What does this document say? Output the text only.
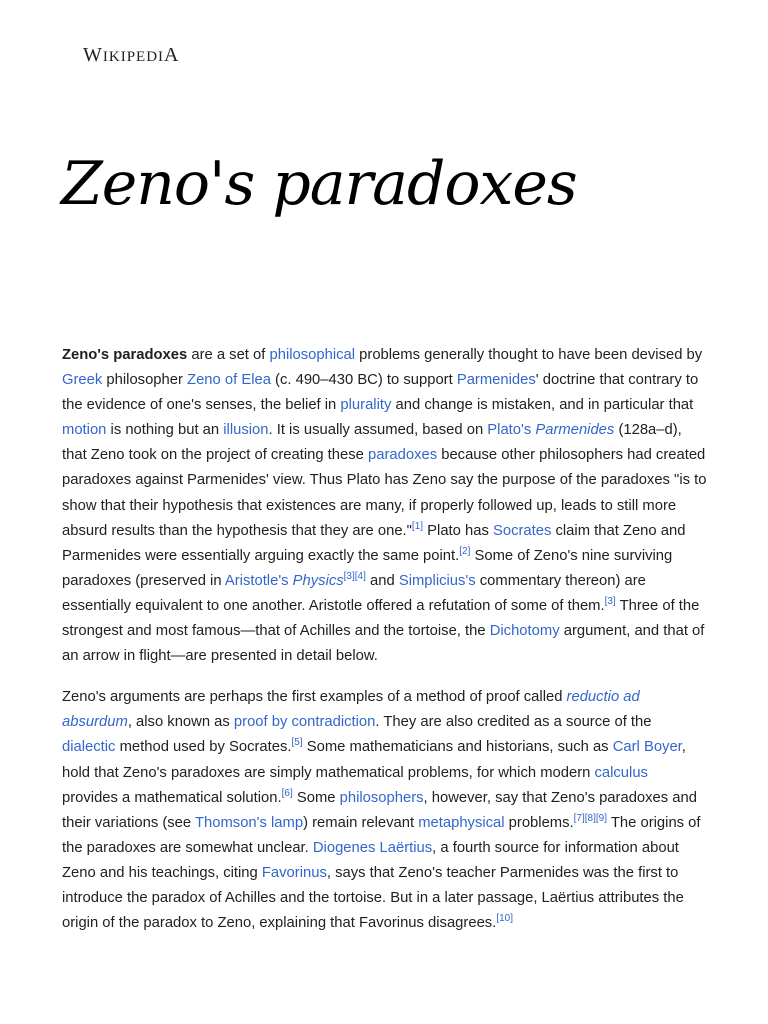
WIKIPEDIA
Zeno's paradoxes

Zeno's paradoxes are a set of philosophical problems generally thought to have been devised by Greek philosopher Zeno of Elea (c. 490–430 BC) to support Parmenides' doctrine that contrary to the evidence of one's senses, the belief in plurality and change is mistaken, and in particular that motion is nothing but an illusion. It is usually assumed, based on Plato's Parmenides (128a–d), that Zeno took on the project of creating these paradoxes because other philosophers had created paradoxes against Parmenides' view. Thus Plato has Zeno say the purpose of the paradoxes "is to show that their hypothesis that existences are many, if properly followed up, leads to still more absurd results than the hypothesis that they are one."[1] Plato has Socrates claim that Zeno and Parmenides were essentially arguing exactly the same point.[2] Some of Zeno's nine surviving paradoxes (preserved in Aristotle's Physics[3][4] and Simplicius's commentary thereon) are essentially equivalent to one another. Aristotle offered a refutation of some of them.[3] Three of the strongest and most famous—that of Achilles and the tortoise, the Dichotomy argument, and that of an arrow in flight—are presented in detail below.

Zeno's arguments are perhaps the first examples of a method of proof called reductio ad absurdum, also known as proof by contradiction. They are also credited as a source of the dialectic method used by Socrates.[5] Some mathematicians and historians, such as Carl Boyer, hold that Zeno's paradoxes are simply mathematical problems, for which modern calculus provides a mathematical solution.[6] Some philosophers, however, say that Zeno's paradoxes and their variations (see Thomson's lamp) remain relevant metaphysical problems.[7][8][9] The origins of the paradoxes are somewhat unclear. Diogenes Laërtius, a fourth source for information about Zeno and his teachings, citing Favorinus, says that Zeno's teacher Parmenides was the first to introduce the paradox of Achilles and the tortoise. But in a later passage, Laërtius attributes the origin of the paradox to Zeno, explaining that Favorinus disagrees.[10]
